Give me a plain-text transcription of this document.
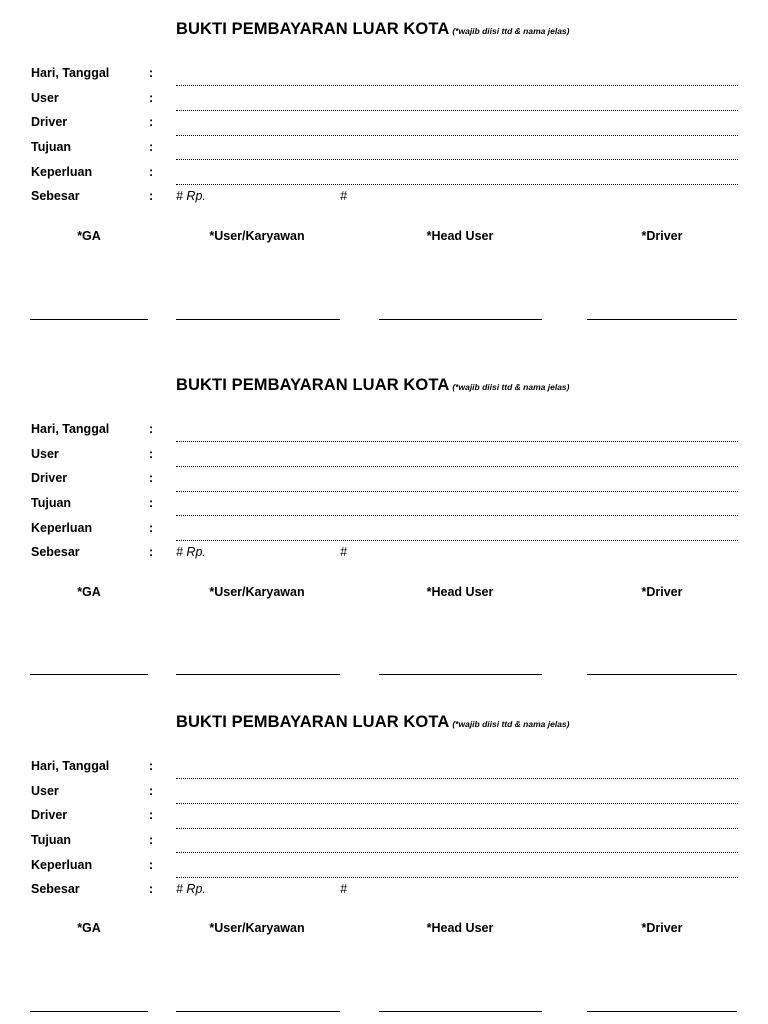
BUKTI PEMBAYARAN LUAR KOTA (*wajib diisi ttd & nama jelas)
Hari, Tanggal	:
User	:
Driver	:
Tujuan	:
Keperluan	:
Sebesar	: # Rp.	#
*GA	*User/Karyawan	*Head User	*Driver
BUKTI PEMBAYARAN LUAR KOTA (*wajib diisi ttd & nama jelas)
Hari, Tanggal	:
User	:
Driver	:
Tujuan	:
Keperluan	:
Sebesar	: # Rp.	#
*GA	*User/Karyawan	*Head User	*Driver
BUKTI PEMBAYARAN LUAR KOTA (*wajib diisi ttd & nama jelas)
Hari, Tanggal	:
User	:
Driver	:
Tujuan	:
Keperluan	:
Sebesar	: # Rp.	#
*GA	*User/Karyawan	*Head User	*Driver
